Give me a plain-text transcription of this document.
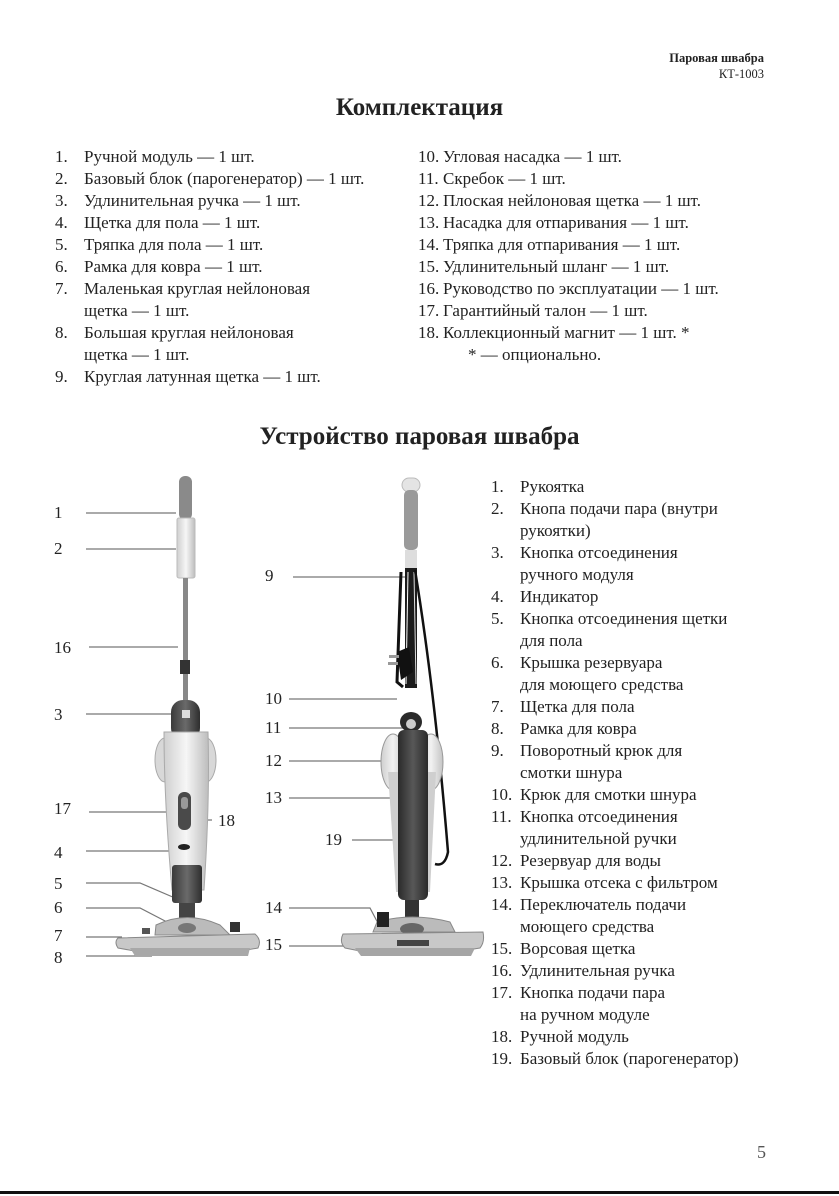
Паровая швабра
КТ-1003
Комплектация
1. Ручной модуль — 1 шт.
2. Базовый блок (парогенератор) — 1 шт.
3. Удлинительная ручка — 1 шт.
4. Щетка для пола — 1 шт.
5. Тряпка для пола — 1 шт.
6. Рамка для ковра — 1 шт.
7. Маленькая круглая нейлоновая
щетка — 1 шт.
8. Большая круглая нейлоновая
щетка — 1 шт.
9. Круглая латунная щетка — 1 шт.
10. Угловая насадка — 1 шт.
11. Скребок — 1 шт.
12. Плоская нейлоновая щетка — 1 шт.
13. Насадка для отпаривания — 1 шт.
14. Тряпка для отпаривания — 1 шт.
15. Удлинительный шланг — 1 шт.
16. Руководство по эксплуатации — 1 шт.
17. Гарантийный талон — 1 шт.
18. Коллекционный магнит — 1 шт. *
* — опционально.
Устройство паровая швабра
1
2
16
3
17
18
4
5
6
7
8
9
10
11
12
13
19
14
15
1. Рукоятка
2. Кнопа подачи пара (внутри
рукоятки)
3. Кнопка отсоединения
ручного модуля
4. Индикатор
5. Кнопка отсоединения щетки
для пола
6. Крышка резервуара
для моющего средства
7. Щетка для пола
8. Рамка для ковра
9. Поворотный крюк для
смотки шнура
10. Крюк для смотки шнура
11. Кнопка отсоединения
удлинительной ручки
12. Резервуар для воды
13. Крышка отсека с фильтром
14. Переключатель подачи
моющего средства
15. Ворсовая щетка
16. Удлинительная ручка
17. Кнопка подачи пара
на ручном модуле
18. Ручной модуль
19. Базовый блок (парогенератор)
5
